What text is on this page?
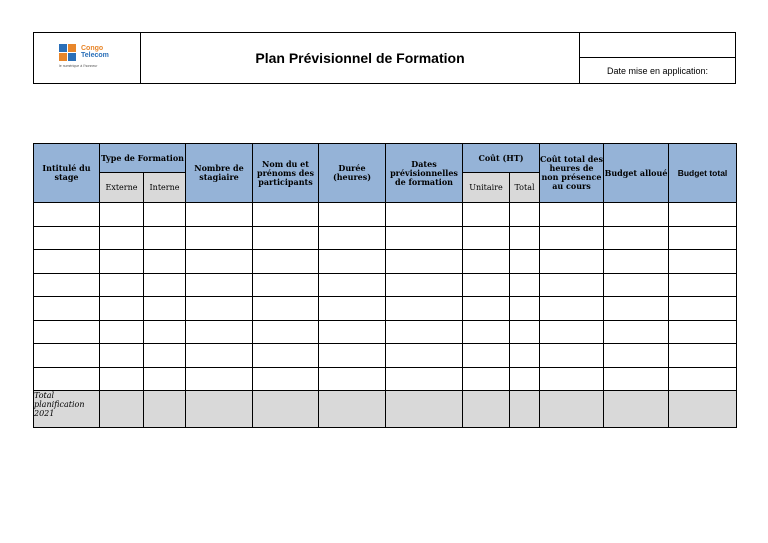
Congo
Telecom
le numérique à l'honneur	Plan Prévisionnel de Formation
Date mise en application:
Intitulé du stage	Type de Formation		Nombre de stagiaire	Nom du et prénoms des participants	Durée (heures)	Dates prévisionnelles de formation	Coût (HT)		Coût total des heures de non présence au cours	Budget alloué	Budget total
	Externe	Interne					Unitaire	Total			

Total planification 2021											
